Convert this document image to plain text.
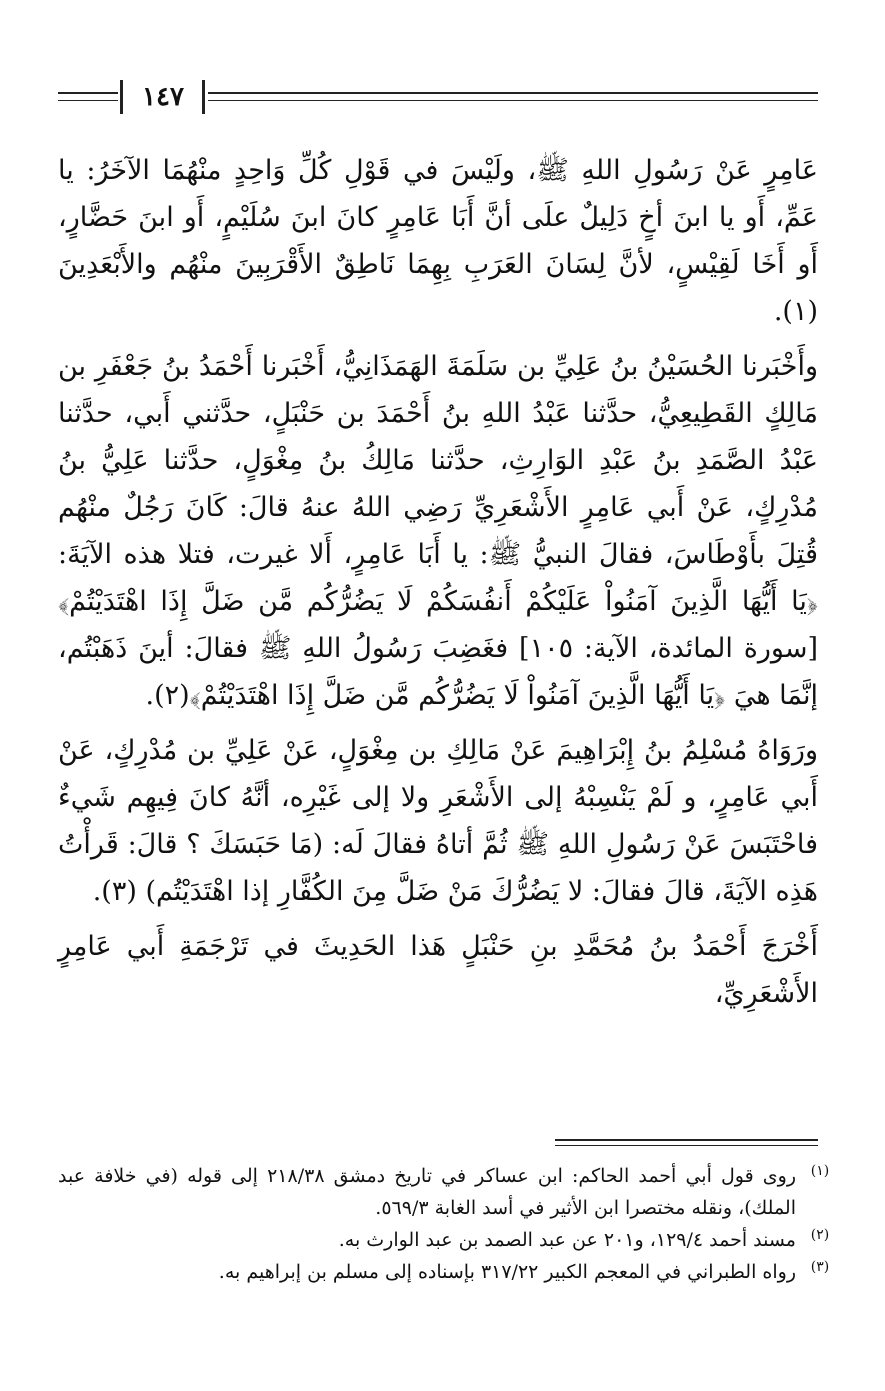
١٤٧

عَامِرٍ عَنْ رَسُولِ اللهِ ﷺ، ولَيْسَ في قَوْلِ كُلِّ وَاحِدٍ منْهُمَا الآخَرُ: يا عَمِّ، أَو يا ابنَ أخٍ دَلِيلٌ علَى أنَّ أَبَا عَامِرٍ كانَ ابنَ سُلَيْمٍ، أَو ابنَ حَضَّارٍ، أَو أَخَا لَقِيْسٍ، لأنَّ لِسَانَ العَرَبِ بِهِمَا نَاطِقٌ الأَقْرَبِينَ منْهُم والأَبْعَدِينَ (١).

وأَخْبَرنا الحُسَيْنُ بنُ عَلِيِّ بن سَلَمَةَ الهَمَذَانِيُّ، أَخْبَرنا أَحْمَدُ بنُ جَعْفَرِ بن مَالِكٍ القَطِيعِيُّ، حدَّثنا عَبْدُ اللهِ بنُ أَحْمَدَ بن حَنْبَلٍ، حدَّثني أَبي، حدَّثنا عَبْدُ الصَّمَدِ بنُ عَبْدِ الوَارِثِ، حدَّثنا مَالِكُ بنُ مِغْوَلٍ، حدَّثنا عَلِيُّ بنُ مُدْرِكٍ، عَنْ أَبي عَامِرٍ الأَشْعَرِيِّ رَضِي اللهُ عنهُ قالَ: كَانَ رَجُلٌ منْهُم قُتِلَ بأَوْطَاسَ، فقالَ النبيُّ ﷺ: يا أَبَا عَامِرٍ، أَلا غيرت، فتلا هذه الآيَةَ: ﴿يَا أَيُّهَا الَّذِينَ آمَنُواْ عَلَيْكُمْ أَنفُسَكُمْ لَا يَضُرُّكُم مَّن ضَلَّ إِذَا اهْتَدَيْتُمْ﴾ [سورة المائدة، الآية: ١٠٥] فغَضِبَ رَسُولُ اللهِ ﷺ فقالَ: أينَ ذَهَبْتُم، إنَّمَا هيَ ﴿يَا أَيُّهَا الَّذِينَ آمَنُواْ لَا يَضُرُّكُم مَّن ضَلَّ إِذَا اهْتَدَيْتُمْ﴾(٢).

ورَوَاهُ مُسْلِمُ بنُ إِبْرَاهِيمَ عَنْ مَالِكِ بن مِغْوَلٍ، عَنْ عَلِيِّ بن مُدْرِكٍ، عَنْ أَبي عَامِرٍ، و لَمْ يَنْسِبْهُ إلى الأَشْعَرِ ولا إلى غَيْرِه، أنَّهُ كانَ فِيهِم شَيءٌ فاحْتَبَسَ عَنْ رَسُولِ اللهِ ﷺ ثُمَّ أتاهُ فقالَ لَه: (مَا حَبَسَكَ ؟ قالَ: قَرأْتُ هَذِه الآيَةَ، قالَ فقالَ: لا يَضُرُّكَ مَنْ ضَلَّ مِنَ الكُفَّارِ إذا اهْتَدَيْتُم) (٣).

أَخْرَجَ أَحْمَدُ بنُ مُحَمَّدِ بنِ حَنْبَلٍ هَذا الحَدِيثَ في تَرْجَمَةِ أَبي عَامِرٍ الأَشْعَرِيِّ،

(١)
روى قول أبي أحمد الحاكم: ابن عساكر في تاريخ دمشق ٢١٨/٣٨ إلى قوله (في خلافة عبد الملك)، ونقله مختصرا ابن الأثير في أسد الغابة ٥٦٩/٣.
(٢)
مسند أحمد ١٢٩/٤، و٢٠١ عن عبد الصمد بن عبد الوارث به.
(٣)
رواه الطبراني في المعجم الكبير ٣١٧/٢٢ بإسناده إلى مسلم بن إبراهيم به.
